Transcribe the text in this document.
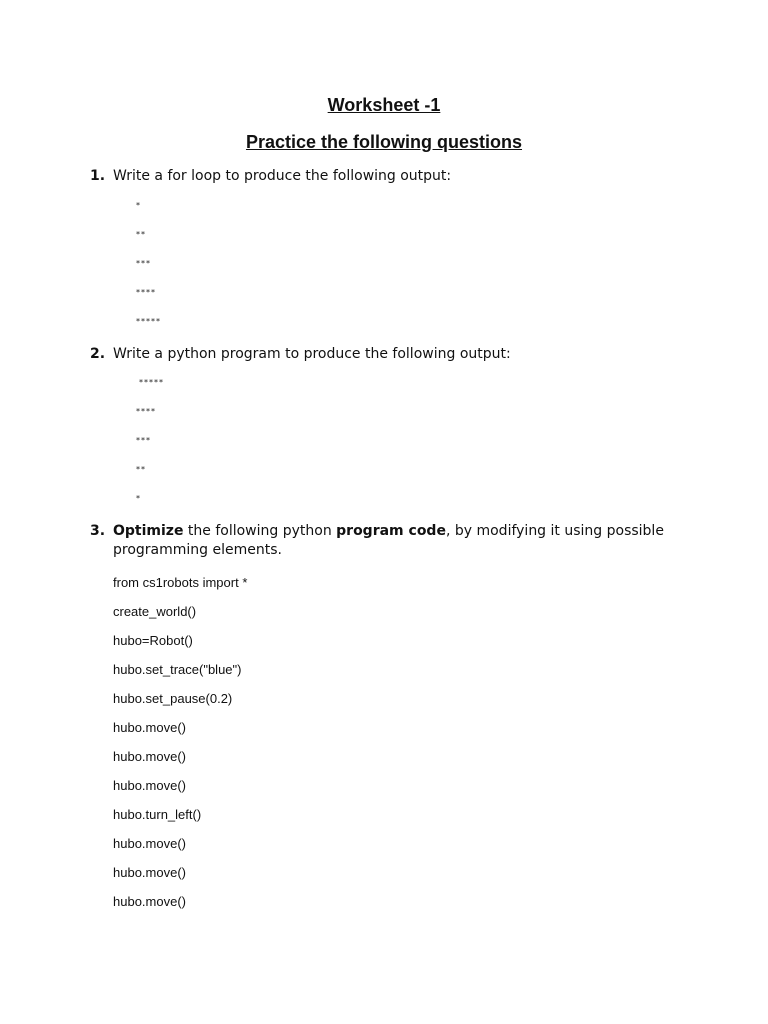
Worksheet -1
Practice the following questions
1. Write a for loop to produce the following output:
*
**
***
****
*****
2. Write a python program to produce the following output:
*****
****
***
**
*
3. Optimize the following python program code, by modifying it using possible programming elements.
from cs1robots import *
create_world()
hubo=Robot()
hubo.set_trace("blue")
hubo.set_pause(0.2)
hubo.move()
hubo.move()
hubo.move()
hubo.turn_left()
hubo.move()
hubo.move()
hubo.move()
